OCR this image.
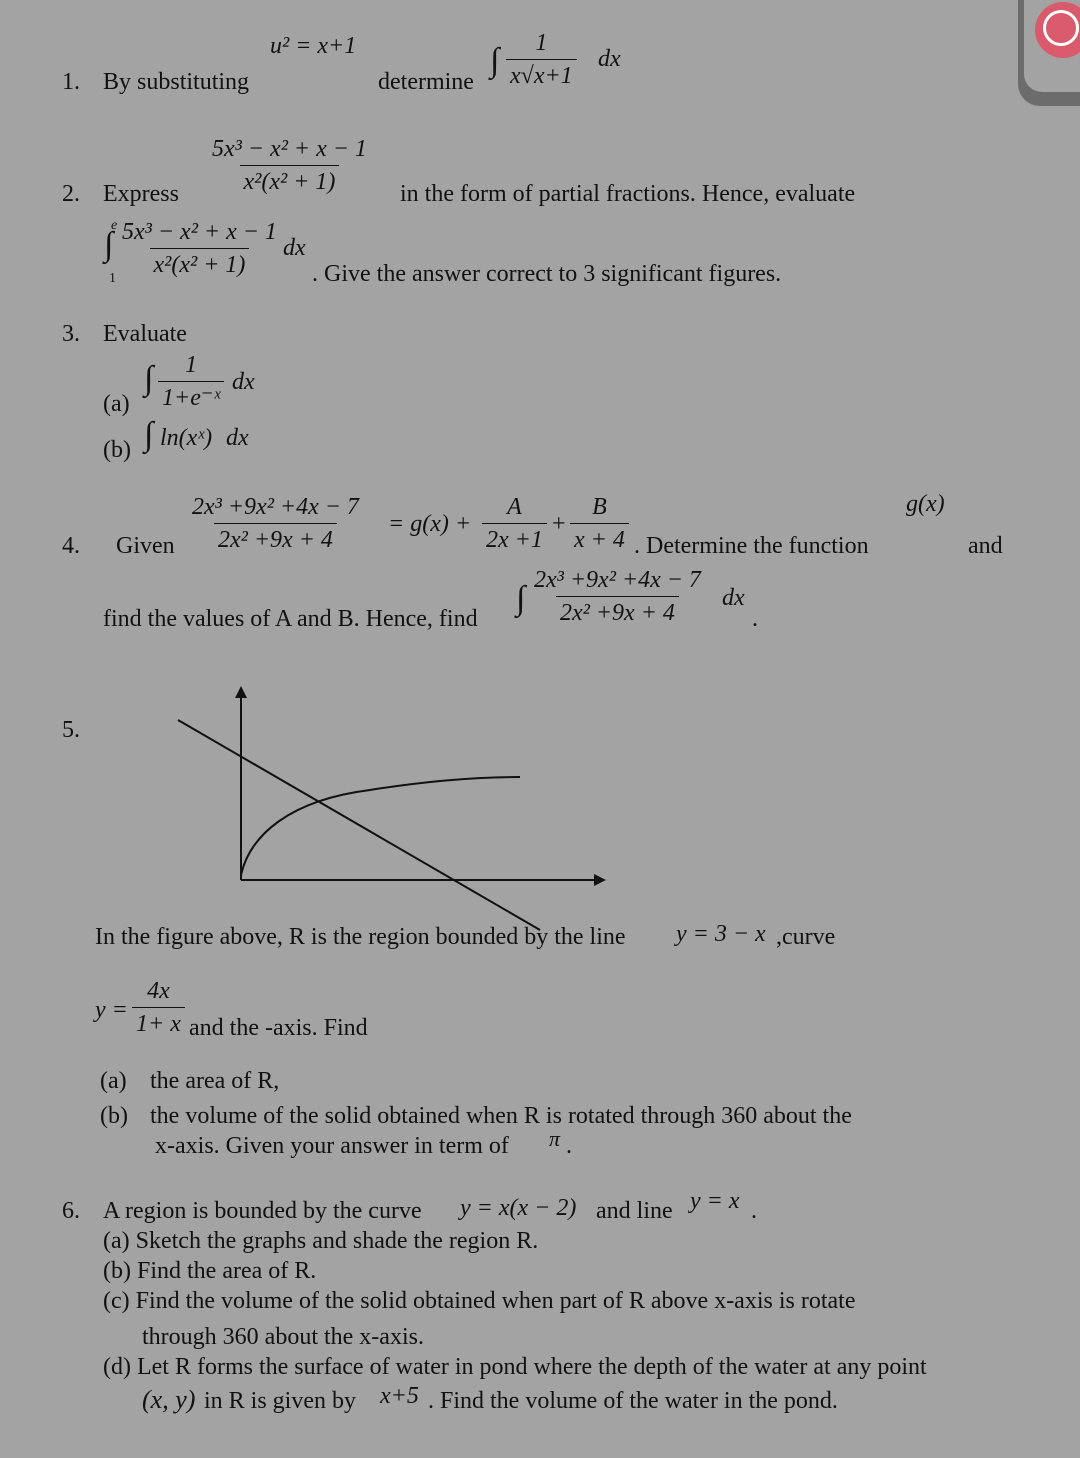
1. By substituting
u² = x+1
determine
∫ $\frac{1}{x√x+1}$ dx
2. Express $\frac{\text{5x³ − x² + x − 1}}{\text{x²(x² + 1)}}$ in the form of partial fractions. Hence, evaluate
∫
e
$1 \frac{\text{5x³ − x² + x − 1}}{\text{x²(x² + 1)}}$ dx
. Give the answer correct to 3 significant figures.
3. Evaluate
(a)
∫ $\frac{1}{\text{1+e⁻ˣ}}$ dx
(b) ∫ ln(xˣ) dx
4. Given $\frac{\text{2x³ +9x² +4x − 7}}{\text{2x² +9x + 4}} = g(x) + \frac{A}{2x +1} + \frac{B}{x + 4}$ . Determine the function
g(x)
and
find the values of A and B. Hence, find
∫ $\frac{\text{2x³ +9x² +4x − 7}}{\text{2x² +9x + 4}}$ dx
.
5.
In the figure above, R is the region bounded by the line y = 3 − x ,curve
$y = \frac{4x}{1+ x}$ and the -axis. Find
(a) the area of R,
(b) the volume of the solid obtained when R is rotated through 360 about the
x-axis. Given your answer in term of π .
6. A region is bounded by the curve y = x(x − 2) and line y = x .
(a) Sketch the graphs and shade the region R.
(b) Find the area of R.
(c) Find the volume of the solid obtained when part of R above x-axis is rotate
through 360 about the x-axis.
(d) Let R forms the surface of water in pond where the depth of the water at any point
(x, y) in R is given by x+5 . Find the volume of the water in the pond.
